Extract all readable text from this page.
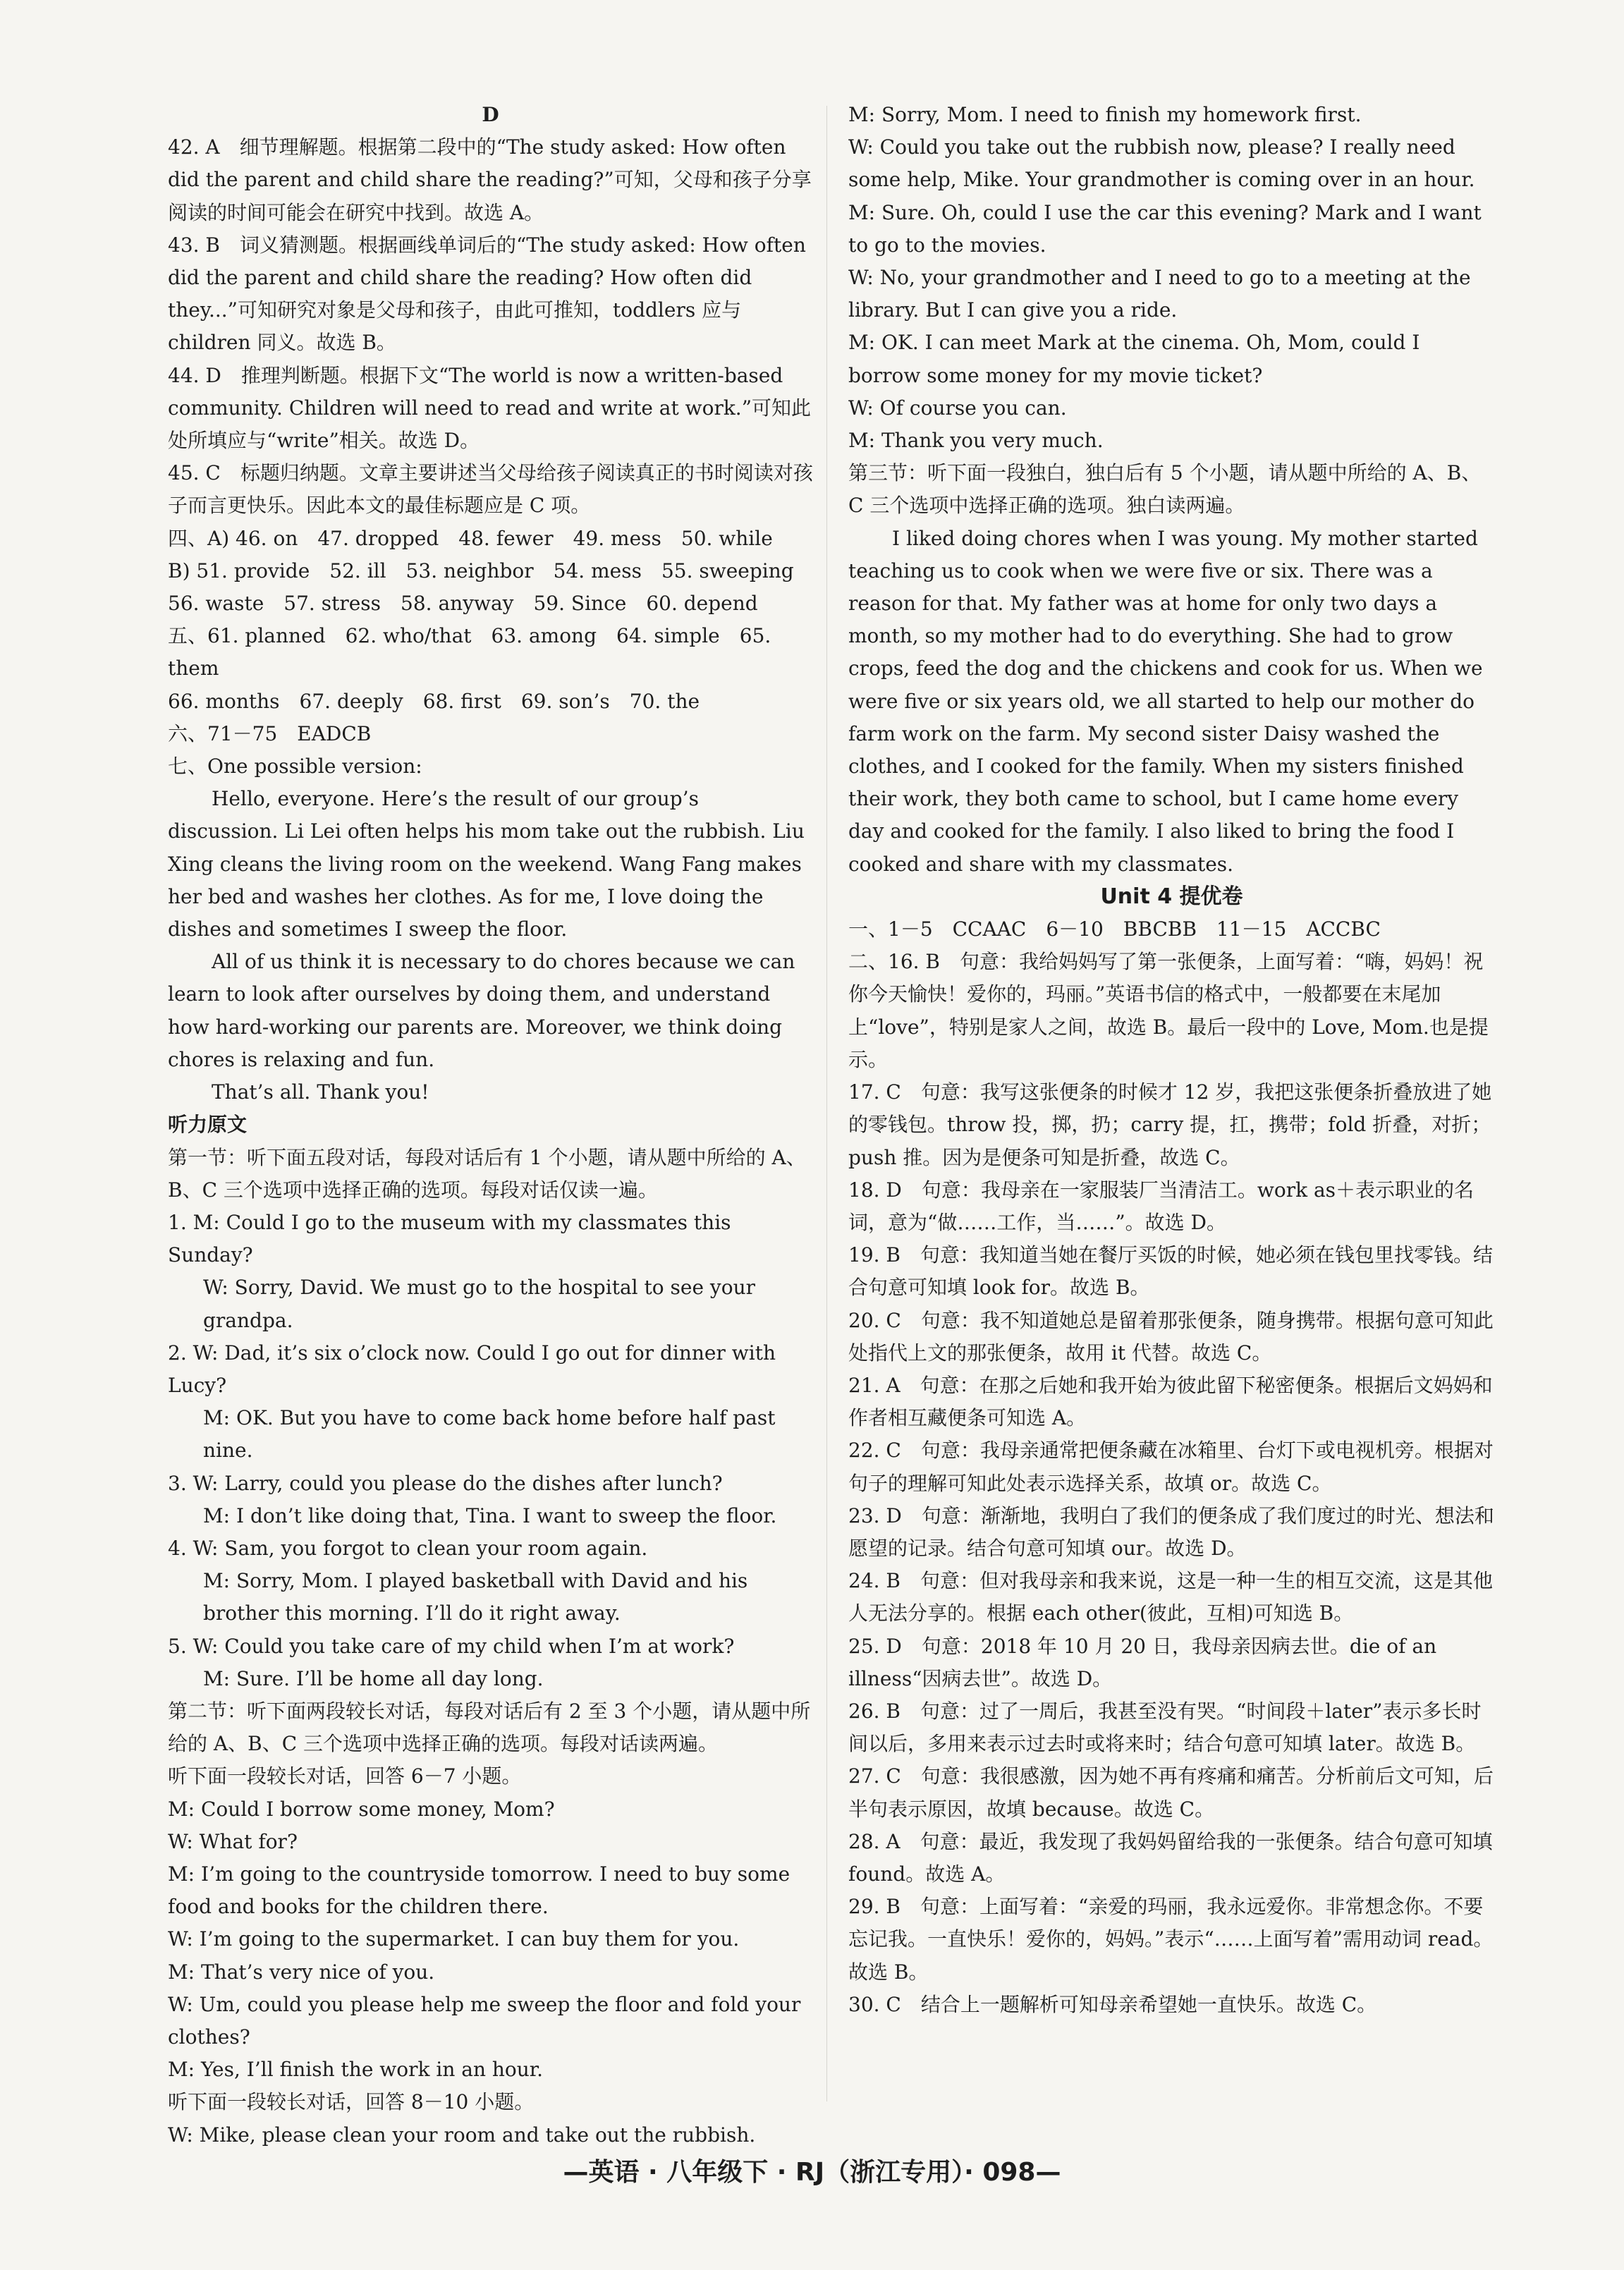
D

42. A　细节理解题。根据第二段中的“The study asked: How often did the parent and child share the reading?”可知，父母和孩子分享阅读的时间可能会在研究中找到。故选 A。

43. B　词义猜测题。根据画线单词后的“The study asked: How often did the parent and child share the reading? How often did they...”可知研究对象是父母和孩子，由此可推知，toddlers 应与 children 同义。故选 B。

44. D　推理判断题。根据下文“The world is now a written-based community. Children will need to read and write at work.”可知此处所填应与“write”相关。故选 D。

45. C　标题归纳题。文章主要讲述当父母给孩子阅读真正的书时阅读对孩子而言更快乐。因此本文的最佳标题应是 C 项。

四、A) 46. on　47. dropped　48. fewer　49. mess　50. while

B) 51. provide　52. ill　53. neighbor　54. mess　55. sweeping

56. waste　57. stress　58. anyway　59. Since　60. depend

五、61. planned　62. who/that　63. among　64. simple　65. them

66. months　67. deeply　68. first　69. son’s　70. the

六、71－75　EADCB

七、One possible version:

Hello, everyone. Here’s the result of our group’s discussion. Li Lei often helps his mom take out the rubbish. Liu Xing cleans the living room on the weekend. Wang Fang makes her bed and washes her clothes. As for me, I love doing the dishes and sometimes I sweep the floor.

All of us think it is necessary to do chores because we can learn to look after ourselves by doing them, and understand how hard-working our parents are. Moreover, we think doing chores is relaxing and fun.

That’s all. Thank you!

听力原文

第一节：听下面五段对话，每段对话后有 1 个小题，请从题中所给的 A、B、C 三个选项中选择正确的选项。每段对话仅读一遍。

1. M: Could I go to the museum with my classmates this Sunday?

W: Sorry, David. We must go to the hospital to see your grandpa.

2. W: Dad, it’s six o’clock now. Could I go out for dinner with Lucy?

M: OK. But you have to come back home before half past nine.

3. W: Larry, could you please do the dishes after lunch?

M: I don’t like doing that, Tina. I want to sweep the floor.

4. W: Sam, you forgot to clean your room again.

M: Sorry, Mom. I played basketball with David and his brother this morning. I’ll do it right away.

5. W: Could you take care of my child when I’m at work?

M: Sure. I’ll be home all day long.

第二节：听下面两段较长对话，每段对话后有 2 至 3 个小题，请从题中所给的 A、B、C 三个选项中选择正确的选项。每段对话读两遍。

听下面一段较长对话，回答 6－7 小题。

M: Could I borrow some money, Mom?

W: What for?

M: I’m going to the countryside tomorrow. I need to buy some food and books for the children there.

W: I’m going to the supermarket. I can buy them for you.

M: That’s very nice of you.

W: Um, could you please help me sweep the floor and fold your clothes?

M: Yes, I’ll finish the work in an hour.

听下面一段较长对话，回答 8－10 小题。

W: Mike, please clean your room and take out the rubbish.

M: Sorry, Mom. I need to finish my homework first.

W: Could you take out the rubbish now, please? I really need some help, Mike. Your grandmother is coming over in an hour.

M: Sure. Oh, could I use the car this evening? Mark and I want to go to the movies.

W: No, your grandmother and I need to go to a meeting at the library. But I can give you a ride.

M: OK. I can meet Mark at the cinema. Oh, Mom, could I borrow some money for my movie ticket?

W: Of course you can.

M: Thank you very much.

第三节：听下面一段独白，独白后有 5 个小题，请从题中所给的 A、B、C 三个选项中选择正确的选项。独白读两遍。

I liked doing chores when I was young. My mother started teaching us to cook when we were five or six. There was a reason for that. My father was at home for only two days a month, so my mother had to do everything. She had to grow crops, feed the dog and the chickens and cook for us. When we were five or six years old, we all started to help our mother do farm work on the farm. My second sister Daisy washed the clothes, and I cooked for the family. When my sisters finished their work, they both came to school, but I came home every day and cooked for the family. I also liked to bring the food I cooked and share with my classmates.

Unit 4 提优卷

一、1－5　CCAAC　6－10　BBCBB　11－15　ACCBC

二、16. B　句意：我给妈妈写了第一张便条，上面写着：“嗨，妈妈！祝你今天愉快！爱你的，玛丽。”英语书信的格式中，一般都要在末尾加上“love”，特别是家人之间，故选 B。最后一段中的 Love, Mom.也是提示。

17. C　句意：我写这张便条的时候才 12 岁，我把这张便条折叠放进了她的零钱包。throw 投，掷，扔；carry 提，扛，携带；fold 折叠，对折；push 推。因为是便条可知是折叠，故选 C。

18. D　句意：我母亲在一家服装厂当清洁工。work as＋表示职业的名词，意为“做……工作，当……”。故选 D。

19. B　句意：我知道当她在餐厅买饭的时候，她必须在钱包里找零钱。结合句意可知填 look for。故选 B。

20. C　句意：我不知道她总是留着那张便条，随身携带。根据句意可知此处指代上文的那张便条，故用 it 代替。故选 C。

21. A　句意：在那之后她和我开始为彼此留下秘密便条。根据后文妈妈和作者相互藏便条可知选 A。

22. C　句意：我母亲通常把便条藏在冰箱里、台灯下或电视机旁。根据对句子的理解可知此处表示选择关系，故填 or。故选 C。

23. D　句意：渐渐地，我明白了我们的便条成了我们度过的时光、想法和愿望的记录。结合句意可知填 our。故选 D。

24. B　句意：但对我母亲和我来说，这是一种一生的相互交流，这是其他人无法分享的。根据 each other(彼此，互相)可知选 B。

25. D　句意：2018 年 10 月 20 日，我母亲因病去世。die of an illness“因病去世”。故选 D。

26. B　句意：过了一周后，我甚至没有哭。“时间段＋later”表示多长时间以后，多用来表示过去时或将来时；结合句意可知填 later。故选 B。

27. C　句意：我很感激，因为她不再有疼痛和痛苦。分析前后文可知，后半句表示原因，故填 because。故选 C。

28. A　句意：最近，我发现了我妈妈留给我的一张便条。结合句意可知填 found。故选 A。

29. B　句意：上面写着：“亲爱的玛丽，我永远爱你。非常想念你。不要忘记我。一直快乐！爱你的，妈妈。”表示“……上面写着”需用动词 read。故选 B。

30. C　结合上一题解析可知母亲希望她一直快乐。故选 C。

—英语 · 八年级下 · RJ（浙江专用）· 098—
